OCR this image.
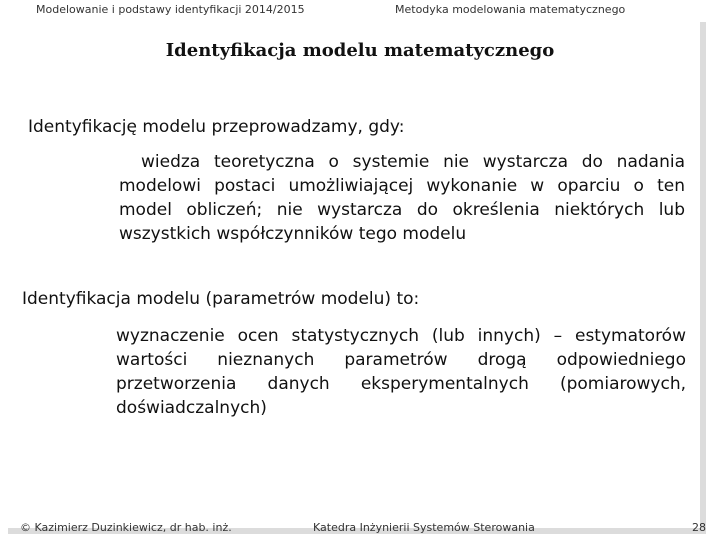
Modelowanie i podstawy identyfikacji 2014/2015	Metodyka modelowania matematycznego
Identyfikacja modelu matematycznego
Identyfikację modelu przeprowadzamy, gdy:
wiedza teoretyczna o systemie nie wystarcza do nadania
modelowi postaci umożliwiającej wykonanie w oparciu o ten
model obliczeń; nie wystarcza do określenia niektórych lub
wszystkich współczynników tego modelu
Identyfikacja modelu (parametrów modelu) to:
wyznaczenie ocen statystycznych (lub innych) – estymatorów
wartości nieznanych parametrów drogą odpowiedniego
przetworzenia danych eksperymentalnych (pomiarowych,
doświadczalnych)
© Kazimierz Duzinkiewicz, dr hab. inż.	Katedra Inżynierii Systemów Sterowania	28
